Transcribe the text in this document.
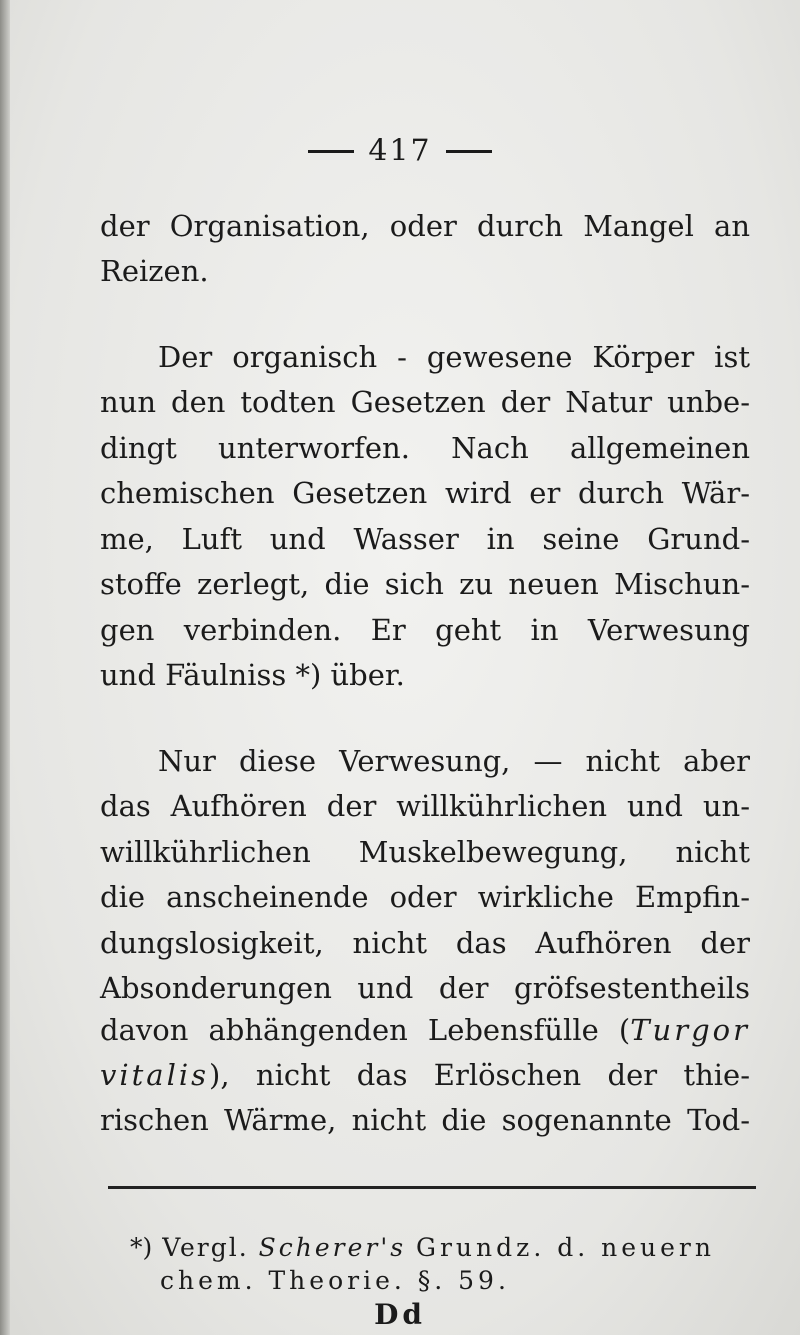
417
der Organisation, oder durch Mangel an
Reizen.
Der organisch - gewesene Körper ist
nun den todten Gesetzen der Natur unbe-
dingt unterworfen. Nach allgemeinen
chemischen Gesetzen wird er durch Wär-
me, Luft und Wasser in seine Grund-
stoffe zerlegt, die sich zu neuen Mischun-
gen verbinden. Er geht in Verwesung
und Fäulniss *) über.
Nur diese Verwesung, — nicht aber
das Aufhören der willkührlichen und un-
willkührlichen Muskelbewegung, nicht
die anscheinende oder wirkliche Empfin-
dungslosigkeit, nicht das Aufhören der
Absonderungen und der gröfsestentheils
davon abhängenden Lebensfülle (Turgor
vitalis), nicht das Erlöschen der thie-
rischen Wärme, nicht die sogenannte Tod-
*) Vergl. Scherer's Grundz. d. neuern
chem. Theorie. §. 59.
Dd
